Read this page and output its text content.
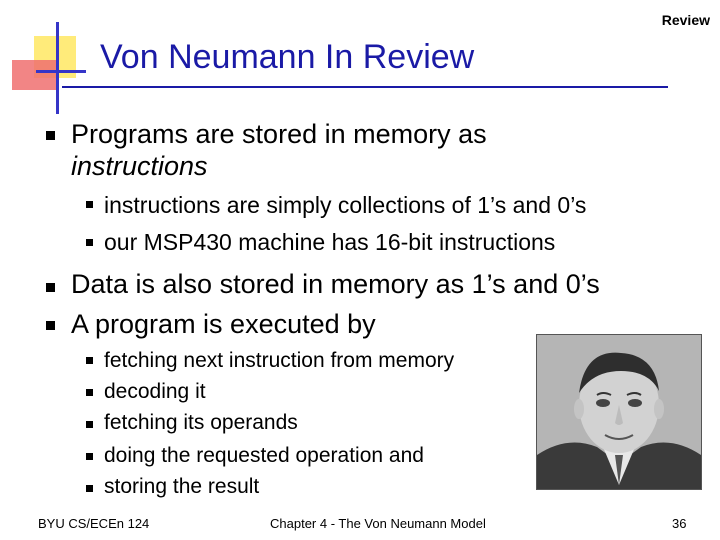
Review
Von Neumann In Review
Programs are stored in memory as
instructions
instructions are simply collections of 1’s and 0’s
our MSP430 machine has 16-bit instructions
Data is also stored in memory as 1’s and 0’s
A program is executed by
fetching next instruction from memory
decoding it
fetching its operands
doing the requested operation and
storing the result
BYU CS/ECEn 124	Chapter 4 - The Von Neumann Model	36
